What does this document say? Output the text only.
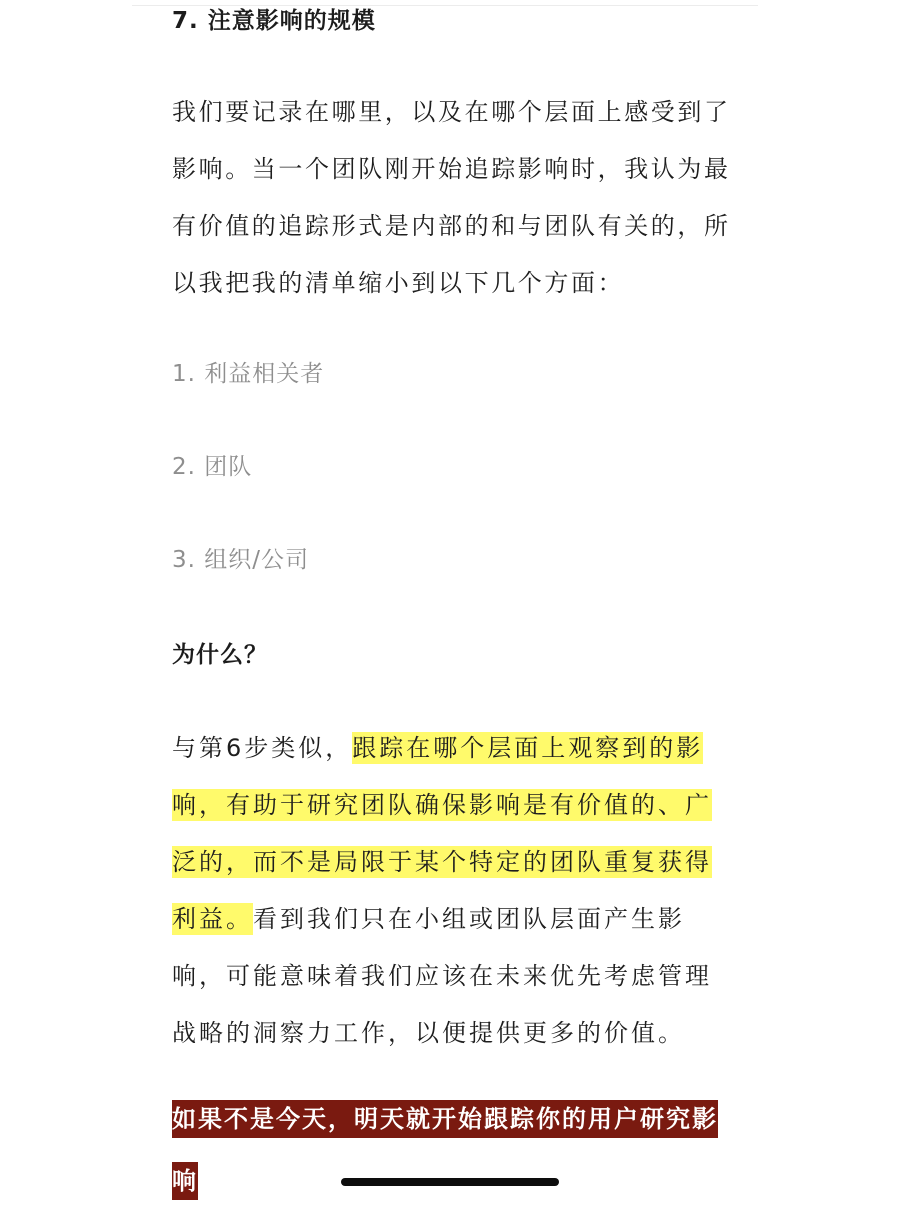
7. 注意影响的规模

我们要记录在哪里，以及在哪个层面上感受到了影响。当一个团队刚开始追踪影响时，我认为最有价值的追踪形式是内部的和与团队有关的，所以我把我的清单缩小到以下几个方面：

1. 利益相关者
2. 团队
3. 组织/公司
为什么？

与第6步类似，跟踪在哪个层面上观察到的影响，有助于研究团队确保影响是有价值的、广泛的，而不是局限于某个特定的团队重复获得利益。看到我们只在小组或团队层面产生影响，可能意味着我们应该在未来优先考虑管理战略的洞察力工作，以便提供更多的价值。

如果不是今天，明天就开始跟踪你的用户研究影响
